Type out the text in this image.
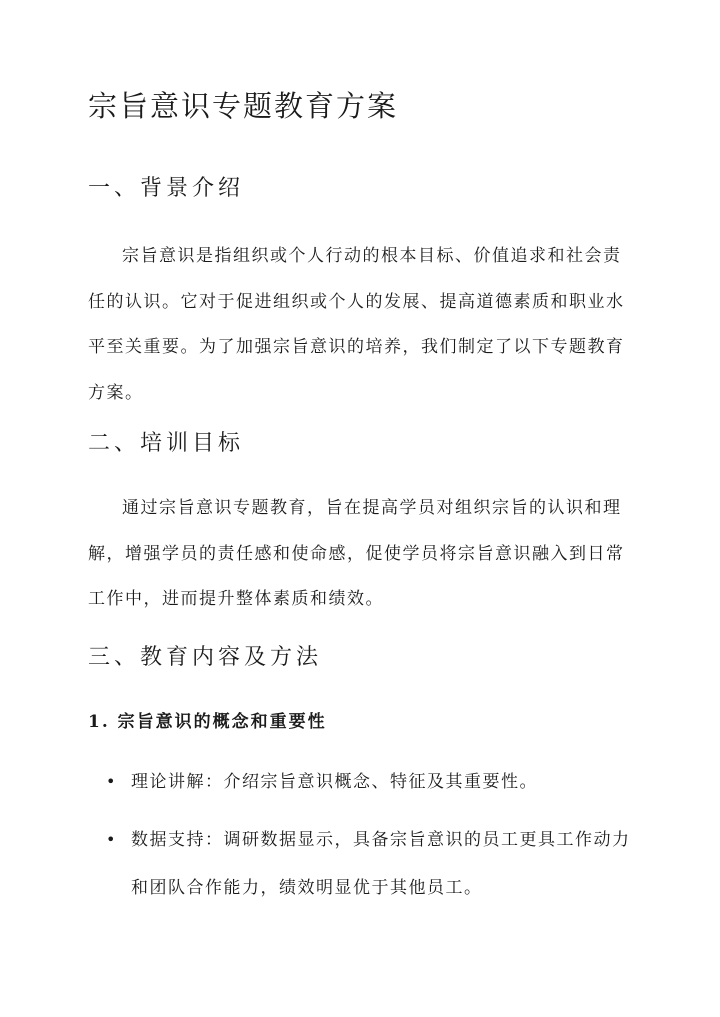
宗旨意识专题教育方案
一、背景介绍
宗旨意识是指组织或个人行动的根本目标、价值追求和社会责任的认识。它对于促进组织或个人的发展、提高道德素质和职业水平至关重要。为了加强宗旨意识的培养，我们制定了以下专题教育方案。
二、培训目标
通过宗旨意识专题教育，旨在提高学员对组织宗旨的认识和理解，增强学员的责任感和使命感，促使学员将宗旨意识融入到日常工作中，进而提升整体素质和绩效。
三、教育内容及方法
1. 宗旨意识的概念和重要性
• 理论讲解：介绍宗旨意识概念、特征及其重要性。
• 数据支持：调研数据显示，具备宗旨意识的员工更具工作动力和团队合作能力，绩效明显优于其他员工。
